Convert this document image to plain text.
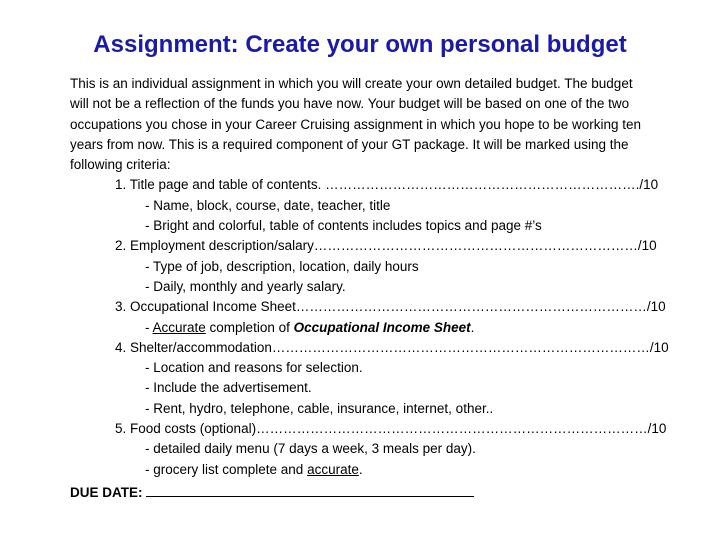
Assignment: Create your own personal budget
This is an individual assignment in which you will create your own detailed budget. The budget
will not be a reflection of the funds you have now. Your budget will be based on one of the two
occupations you chose in your Career Cruising assignment in which you hope to be working ten
years from now. This is a required component of your GT package. It will be marked using the
following criteria:
1. Title page and table of contents. ……………………………………………………………./10
- Name, block, course, date, teacher, title
- Bright and colorful, table of contents includes topics and page #’s
2. Employment description/salary………………………………………………………………/10
- Type of job, description, location, daily hours
- Daily, monthly and yearly salary.
3. Occupational Income Sheet……………………………………………………………………/10
- Accurate completion of Occupational Income Sheet.
4. Shelter/accommodation…………………………………………………………………………/10
- Location and reasons for selection.
- Include the advertisement.
- Rent, hydro, telephone, cable, insurance, internet, other..
5. Food costs (optional)……………………………………………………………………………/10
- detailed daily menu (7 days a week, 3 meals per day).
- grocery list complete and accurate.
DUE DATE:
